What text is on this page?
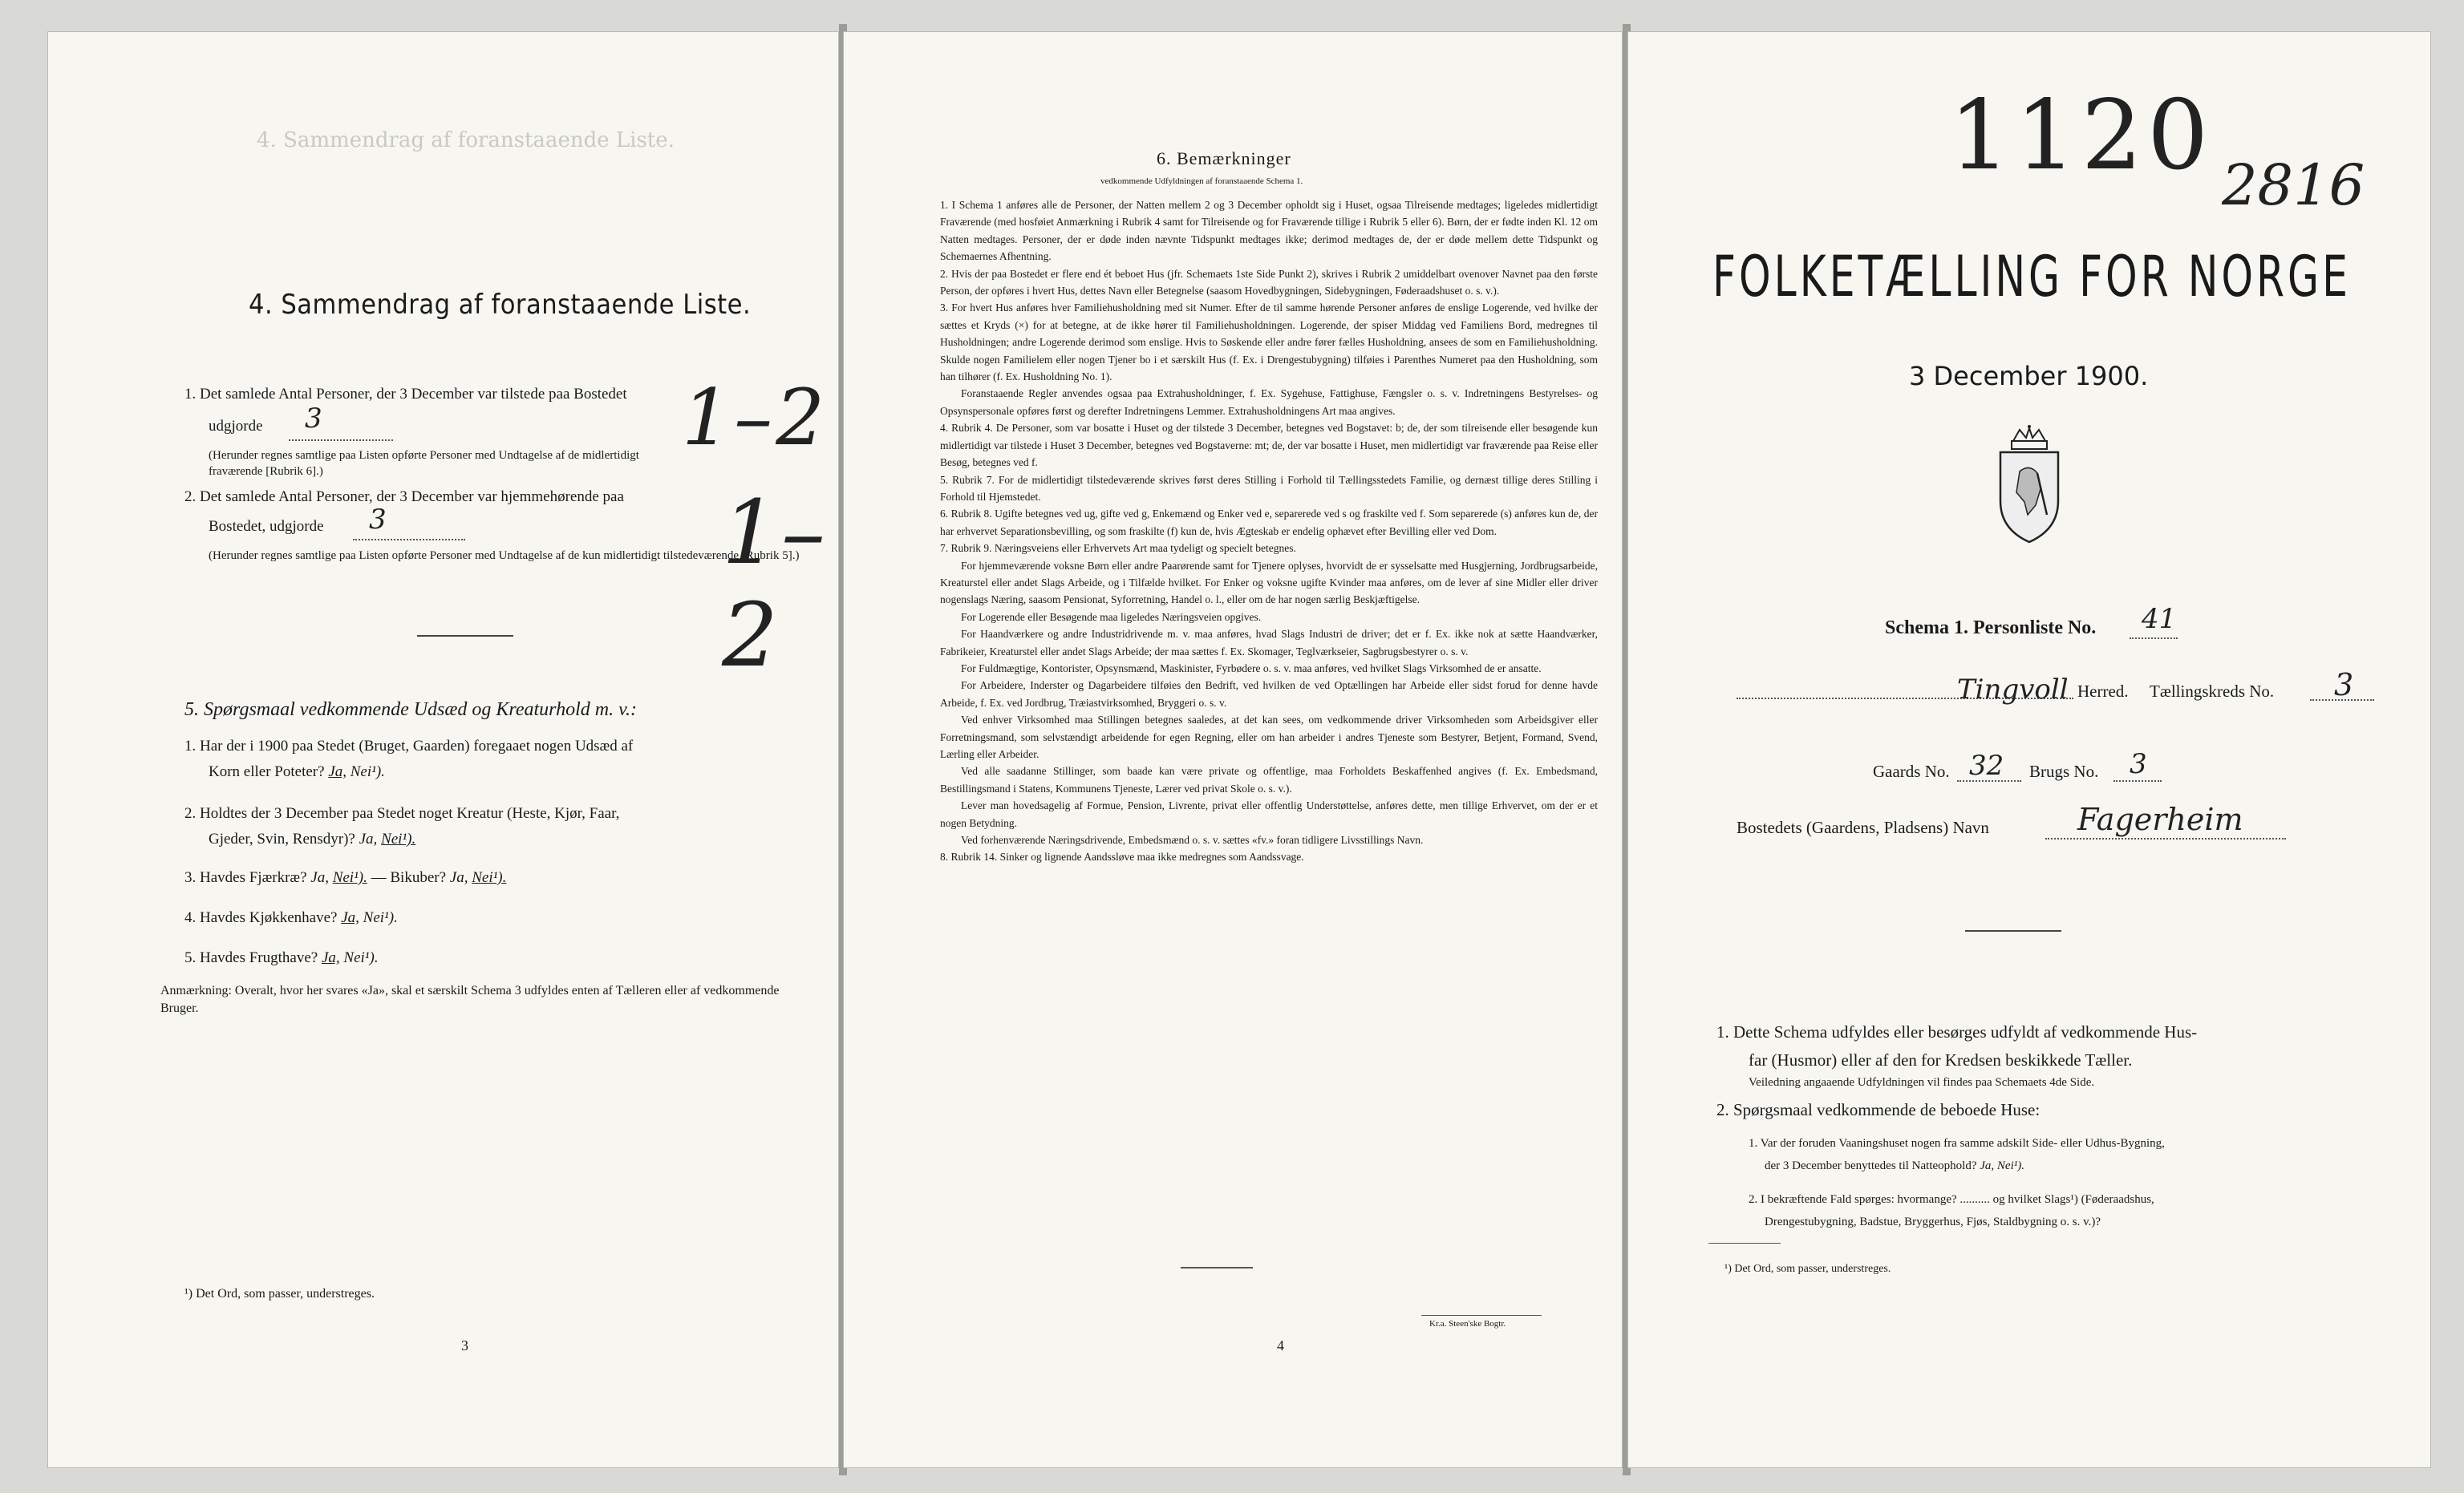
4. Sammendrag af foranstaaende Liste.
4. Sammendrag af foranstaaende Liste.
1. Det samlede Antal Personer, der 3 December var tilstede paa Bostedet
udgjorde 3
(Herunder regnes samtlige paa Listen opførte Personer med Undtagelse af de midlertidigt fraværende [Rubrik 6].)
2. Det samlede Antal Personer, der 3 December var hjemmehørende paa
Bostedet, udgjorde 3
(Herunder regnes samtlige paa Listen opførte Personer med Undtagelse af de kun midlertidigt tilstedeværende [Rubrik 5].)
1–2
1–2
5. Spørgsmaal vedkommende Udsæd og Kreaturhold m. v.:
1. Har der i 1900 paa Stedet (Bruget, Gaarden) foregaaet nogen Udsæd af
Korn eller Poteter? Ja, Nei¹).
2. Holdtes der 3 December paa Stedet noget Kreatur (Heste, Kjør, Faar,
Gjeder, Svin, Rensdyr)? Ja, Nei¹).
3. Havdes Fjærkræ? Ja, Nei¹). — Bikuber? Ja, Nei¹).
4. Havdes Kjøkkenhave? Ja, Nei¹).
5. Havdes Frugthave? Ja, Nei¹).
Anmærkning: Overalt, hvor her svares «Ja», skal et særskilt Schema 3 udfyldes enten af Tælleren eller af vedkommende Bruger.
¹) Det Ord, som passer, understreges.
3
6. Bemærkninger
vedkommende Udfyldningen af foranstaaende Schema 1.

1. I Schema 1 anføres alle de Personer, der Natten mellem 2 og 3 December opholdt sig i Huset, ogsaa Tilreisende medtages; ligeledes midlertidigt Fraværende (med hosføiet Anmærkning i Rubrik 4 samt for Tilreisende og for Fraværende tillige i Rubrik 5 eller 6). Børn, der er fødte inden Kl. 12 om Natten medtages. Personer, der er døde inden nævnte Tidspunkt medtages ikke; derimod medtages de, der er døde mellem dette Tidspunkt og Schemaernes Afhentning.

2. Hvis der paa Bostedet er flere end ét beboet Hus (jfr. Schemaets 1ste Side Punkt 2), skrives i Rubrik 2 umiddelbart ovenover Navnet paa den første Person, der opføres i hvert Hus, dettes Navn eller Betegnelse (saasom Hovedbygningen, Sidebygningen, Føderaadshuset o. s. v.).

3. For hvert Hus anføres hver Familiehusholdning med sit Numer. Efter de til samme hørende Personer anføres de enslige Logerende, ved hvilke der sættes et Kryds (×) for at betegne, at de ikke hører til Familiehusholdningen. Logerende, der spiser Middag ved Familiens Bord, medregnes til Husholdningen; andre Logerende derimod som enslige. Hvis to Søskende eller andre fører fælles Husholdning, ansees de som en Familiehusholdning. Skulde nogen Familielem eller nogen Tjener bo i et særskilt Hus (f. Ex. i Drengestubygning) tilføies i Parenthes Numeret paa den Husholdning, som han tilhører (f. Ex. Husholdning No. 1).

Foranstaaende Regler anvendes ogsaa paa Extrahusholdninger, f. Ex. Sygehuse, Fattighuse, Fængsler o. s. v. Indretningens Bestyrelses- og Opsynspersonale opføres først og derefter Indretningens Lemmer. Extrahusholdningens Art maa angives.

4. Rubrik 4. De Personer, som var bosatte i Huset og der tilstede 3 December, betegnes ved Bogstavet: b; de, der som tilreisende eller besøgende kun midlertidigt var tilstede i Huset 3 December, betegnes ved Bogstaverne: mt; de, der var bosatte i Huset, men midlertidigt var fraværende paa Reise eller Besøg, betegnes ved f.

5. Rubrik 7. For de midlertidigt tilstedeværende skrives først deres Stilling i Forhold til Tællingsstedets Familie, og dernæst tillige deres Stilling i Forhold til Hjemstedet.

6. Rubrik 8. Ugifte betegnes ved ug, gifte ved g, Enkemænd og Enker ved e, separerede ved s og fraskilte ved f. Som separerede (s) anføres kun de, der har erhvervet Separationsbevilling, og som fraskilte (f) kun de, hvis Ægteskab er endelig ophævet efter Bevilling eller ved Dom.

7. Rubrik 9. Næringsveiens eller Erhvervets Art maa tydeligt og specielt betegnes.

For hjemmeværende voksne Børn eller andre Paarørende samt for Tjenere oplyses, hvorvidt de er sysselsatte med Husgjerning, Jordbrugsarbeide, Kreaturstel eller andet Slags Arbeide, og i Tilfælde hvilket. For Enker og voksne ugifte Kvinder maa anføres, om de lever af sine Midler eller driver nogenslags Næring, saasom Pensionat, Syforretning, Handel o. l., eller om de har nogen særlig Beskjæftigelse.

For Logerende eller Besøgende maa ligeledes Næringsveien opgives.

For Haandværkere og andre Industridrivende m. v. maa anføres, hvad Slags Industri de driver; det er f. Ex. ikke nok at sætte Haandværker, Fabrikeier, Kreaturstel eller andet Slags Arbeide; der maa sættes f. Ex. Skomager, Teglværkseier, Sagbrugsbestyrer o. s. v.

For Fuldmægtige, Kontorister, Opsynsmænd, Maskinister, Fyrbødere o. s. v. maa anføres, ved hvilket Slags Virksomhed de er ansatte.

For Arbeidere, Inderster og Dagarbeidere tilføies den Bedrift, ved hvilken de ved Optællingen har Arbeide eller sidst forud for denne havde Arbeide, f. Ex. ved Jordbrug, Træiastvirksomhed, Bryggeri o. s. v.

Ved enhver Virksomhed maa Stillingen betegnes saaledes, at det kan sees, om vedkommende driver Virksomheden som Arbeidsgiver eller Forretningsmand, som selvstændigt arbeidende for egen Regning, eller om han arbeider i andres Tjeneste som Bestyrer, Betjent, Formand, Svend, Lærling eller Arbeider.

Ved alle saadanne Stillinger, som baade kan være private og offentlige, maa Forholdets Beskaffenhed angives (f. Ex. Embedsmand, Bestillingsmand i Statens, Kommunens Tjeneste, Lærer ved privat Skole o. s. v.).

Lever man hovedsagelig af Formue, Pension, Livrente, privat eller offentlig Understøttelse, anføres dette, men tillige Erhvervet, om der er et nogen Betydning.

Ved forhenværende Næringsdrivende, Embedsmænd o. s. v. sættes «fv.» foran tidligere Livsstillings Navn.

8. Rubrik 14. Sinker og lignende Aandssløve maa ikke medregnes som Aandssvage.

4
Kr.a. Steen'ske Bogtr.
1120 2816
FOLKETÆLLING FOR NORGE
3 December 1900.
Schema 1. Personliste No. 41
Tingvoll Herred. Tællingskreds No. 3
Gaards No. 32 Brugs No. 3
Bostedets (Gaardens, Pladsens) Navn	Fagerheim
1. Dette Schema udfyldes eller besørges udfyldt af vedkommende Hus-
far (Husmor) eller af den for Kredsen beskikkede Tæller.
Veiledning angaaende Udfyldningen vil findes paa Schemaets 4de Side.
2. Spørgsmaal vedkommende de beboede Huse:
1. Var der foruden Vaaningshuset nogen fra samme adskilt Side- eller Udhus-Bygning,
der 3 December benyttedes til Natteophold? Ja, Nei¹).
2. I bekræftende Fald spørges: hvormange? .......... og hvilket Slags¹) (Føderaadshus,
Drengestubygning, Badstue, Bryggerhus, Fjøs, Staldbygning o. s. v.)?
¹) Det Ord, som passer, understreges.
